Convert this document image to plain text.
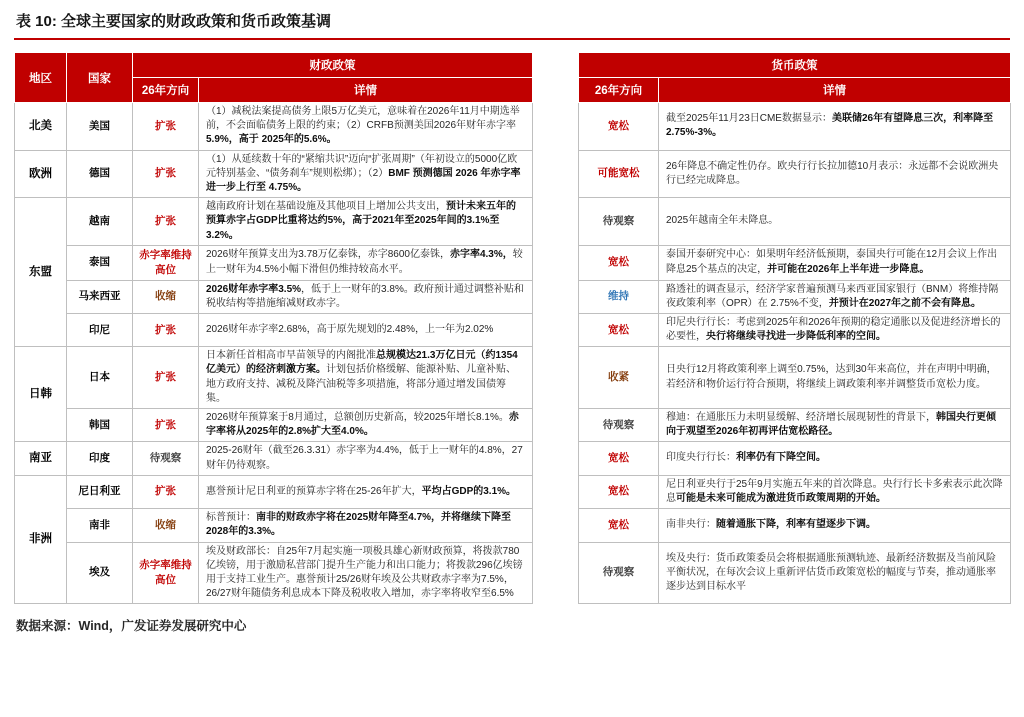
表 10: 全球主要国家的财政政策和货币政策基调
地区	国家	财政政策			货币政策	
		26年方向	详情		26年方向	详情
北美	美国	扩张	（1）减税法案提高债务上限5万亿美元，意味着在2026年11月中期选举前，不会面临债务上限的约束；（2）CRFB预测美国2026年财年赤字率5.9%，高于 2025年的5.6%。		宽松	截至2025年11月23日CME数据显示：美联储26年有望降息三次，利率降至2.75%-3%。
欧洲	德国	扩张	（1）从延续数十年的“紧缩共识”迈向“扩张周期”（年初设立的5000亿欧元特别基金、“债务刹车”规则松绑）；（2）BMF 预测德国 2026 年赤字率进一步上行至 4.75%。		可能宽松	26年降息不确定性仍存。欧央行行长拉加德10月表示：永远都不会说欧洲央行已经完成降息。
东盟	越南	扩张	越南政府计划在基础设施及其他项目上增加公共支出，预计未来五年的预算赤字占GDP比重将达约5%，高于2021年至2025年间的3.1%至3.2%。		待观察	2025年越南全年未降息。
	泰国	赤字率维持高位	2026财年预算支出为3.78万亿泰铢，赤字8600亿泰铢，赤字率4.3%，较上一财年为4.5%小幅下滑但仍维持较高水平。		宽松	泰国开泰研究中心：如果明年经济低预期，泰国央行可能在12月会议上作出降息25个基点的决定，并可能在2026年上半年进一步降息。
	马来西亚	收缩	2026财年赤字率3.5%，低于上一财年的3.8%。政府预计通过调整补贴和税收结构等措施缩减财政赤字。		维持	路透社的调查显示，经济学家普遍预测马来西亚国家银行（BNM）将维持隔夜政策利率（OPR）在 2.75%不变，并预计在2027年之前不会有降息。
	印尼	扩张	2026财年赤字率2.68%，高于原先规划的2.48%，上一年为2.02%		宽松	印尼央行行长：考虑到2025年和2026年预期的稳定通胀以及促进经济增长的必要性，央行将继续寻找进一步降低利率的空间。
日韩	日本	扩张	日本新任首相高市早苗领导的内阁批准总规模达21.3万亿日元（约1354亿美元）的经济刺激方案。计划包括价格缓解、能源补贴、儿童补贴、地方政府支持、减税及降汽油税等多项措施，将部分通过增发国债筹集。		收紧	日央行12月将政策利率上调至0.75%，达到30年来高位，并在声明中明确，若经济和物价运行符合预期，将继续上调政策利率并调整货币宽松力度。
	韩国	扩张	2026财年预算案于8月通过，总额创历史新高，较2025年增长8.1%。赤字率将从2025年的2.8%扩大至4.0%。		待观察	穆迪：在通胀压力未明显缓解、经济增长展现韧性的背景下，韩国央行更倾向于观望至2026年初再评估宽松路径。
南亚	印度	待观察	2025-26财年（截至26.3.31）赤字率为4.4%，低于上一财年的4.8%，27财年仍待观察。		宽松	印度央行行长：利率仍有下降空间。
非洲	尼日利亚	扩张	惠誉预计尼日利亚的预算赤字将在25-26年扩大，平均占GDP的3.1%。		宽松	尼日利亚央行于25年9月实施五年来的首次降息。央行行长卡多索表示此次降息可能是未来可能成为激进货币政策周期的开始。
	南非	收缩	标普预计：南非的财政赤字将在2025财年降至4.7%，并将继续下降至2028年的3.3%。		宽松	南非央行：随着通胀下降，利率有望逐步下调。
	埃及	赤字率维持高位	埃及财政部长：自25年7月起实施一项极具雄心新财政预算，将拨款780亿埃镑，用于激励私营部门提升生产能力和出口能力；将拨款296亿埃镑用于支持工业生产。惠誉预计25/26财年埃及公共财政赤字率为7.5%，26/27财年随债务利息成本下降及税收收入增加，赤字率将收窄至6.5%		待观察	埃及央行：货币政策委员会将根据通胀预测轨迹、最新经济数据及当前风险平衡状况，在每次会议上重新评估货币政策宽松的幅度与节奏，推动通胀率逐步达到目标水平
数据来源：Wind，广发证券发展研究中心
